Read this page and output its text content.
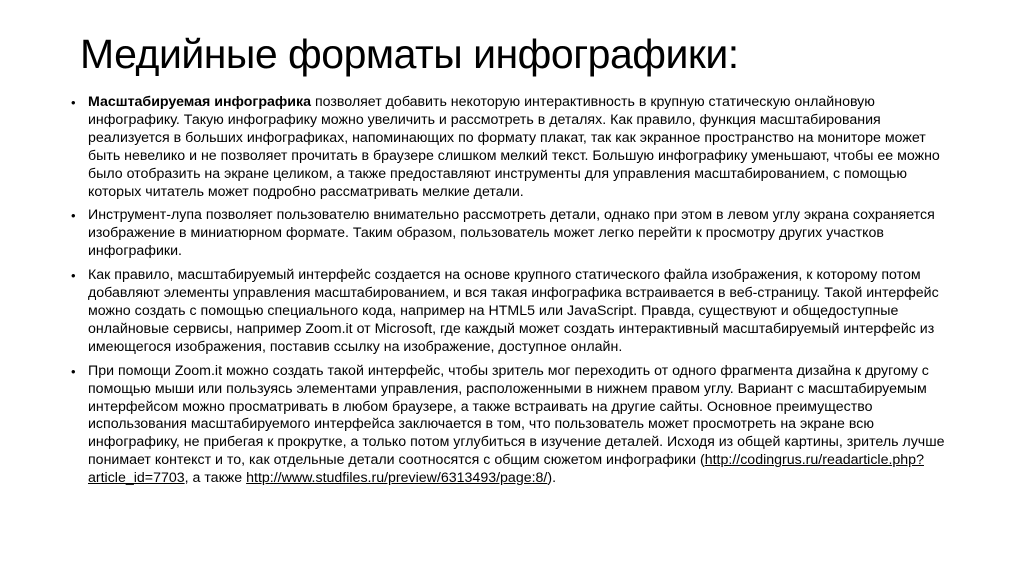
Медийные форматы инфографики:
• Масштабируемая инфографика позволяет добавить некоторую интерактивность в крупную статическую онлайновую инфографику. Такую инфографику можно увеличить и рассмотреть в деталях. Как правило, функция масштабирования реализуется в больших инфографиках, напоминающих по формату плакат, так как экранное пространство на мониторе может быть невелико и не позволяет прочитать в браузере слишком мелкий текст. Большую инфографику уменьшают, чтобы ее можно было отобразить на экране целиком, а также предоставляют инструменты для управления масштабированием, с помощью которых читатель может подробно рассматривать мелкие детали.
• Инструмент-лупа позволяет пользователю внимательно рассмотреть детали, однако при этом в левом углу экрана сохраняется изображение в миниатюрном формате. Таким образом, пользователь может легко перейти к просмотру других участков инфографики.
• Как правило, масштабируемый интерфейс создается на основе крупного статического файла изображения, к которому потом добавляют элементы управления масштабированием, и вся такая инфографика встраивается в веб-страницу. Такой интерфейс можно создать с помощью специального кода, например на HTML5 или JavaScript. Правда, существуют и общедоступные онлайновые сервисы, например Zoom.it от Microsoft, где каждый может создать интерактивный масштабируемый интерфейс из имеющегося изображения, поставив ссылку на изображение, доступное онлайн.
• При помощи Zoom.it можно создать такой интерфейс, чтобы зритель мог переходить от одного фрагмента дизайна к другому с помощью мыши или пользуясь элементами управления, расположенными в нижнем правом углу. Вариант с масштабируемым интерфейсом можно просматривать в любом браузере, а также встраивать на другие сайты. Основное преимущество использования масштабируемого интерфейса заключается в том, что пользователь может просмотреть на экране всю инфографику, не прибегая к прокрутке, а только потом углубиться в изучение деталей. Исходя из общей картины, зритель лучше понимает контекст и то, как отдельные детали соотносятся с общим сюжетом инфографики (http://codingrus.ru/readarticle.php?article_id=7703, а также http://www.studfiles.ru/preview/6313493/page:8/).
